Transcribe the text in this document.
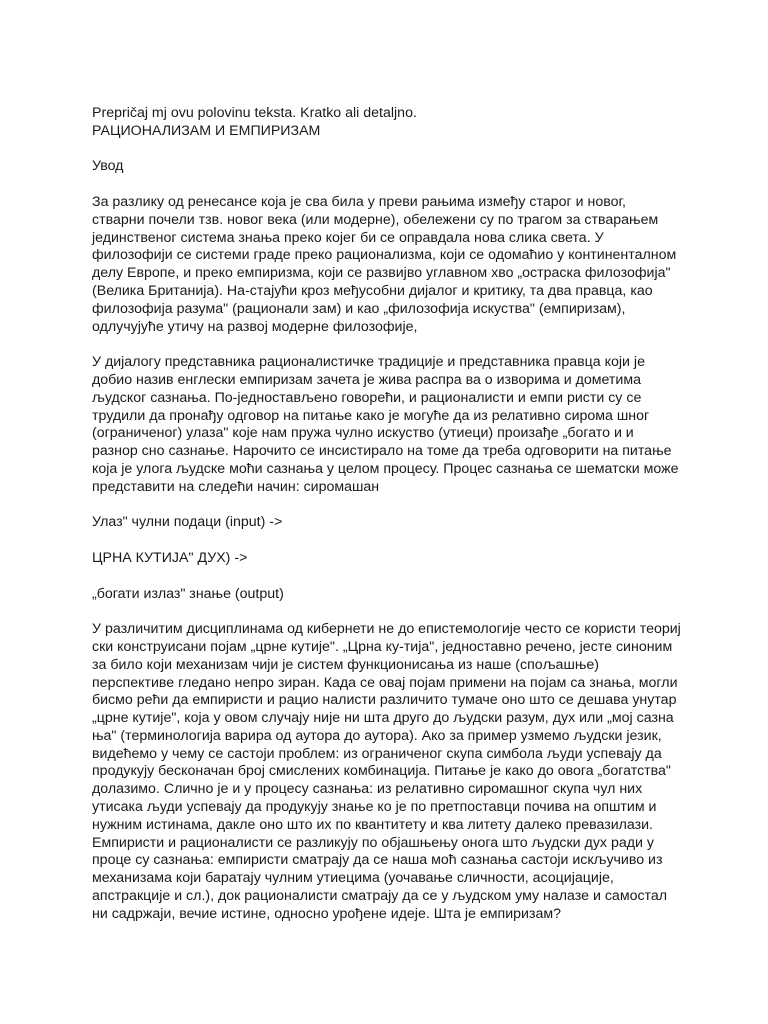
Prepričaj mj ovu polovinu teksta. Kratko ali detaljno.

РАЦИОНАЛИЗАМ И ЕМПИРИЗАМ

Увод

За разлику од ренесансе која је сва била у преви рањима између старог и новог, стварни почели тзв. новог века (или модерне), обележени су по трагом за стварањем јединственог система знања преко којег би се оправдала нова слика света. У филозофији се системи граде преко рационализма, који се одомаћио у континенталном делу Европе, и преко емпиризма, који се развијво углавном хво „остраска филозофија" (Велика Британија). На-стајући кроз међусобни дијалог и критику, та два правца, као филозофија разума" (рационали зам) и као „филозофија искуства" (емпиризам), одлучујуће утичу на развој модерне филозофије,

У дијалогу представника рационалистичке традиције и представника правца који је добио назив енглески емпиризам зачета је жива распра ва о изворима и дометима људског сазнања. По-једностављено говорећи, и рационалисти и емпи ристи су се трудили да пронађу одговор на питање како је могуће да из релативно сирома шног (ограниченог) улаза" које нам пружа чулно искуство (утиеци) произађе „богато и и разнор сно сазнање. Нарочито се инсистирало на томе да треба одговорити на питање која је улога људске моћи сазнања у целом процесу. Процес сазнања се шематски може представити на следећи начин: сиромашан

Улаз" чулни подаци (input) ->

ЦРНА КУТИЈА" ДУХ) ->

„богати излаз" знање (output)

У различитим дисциплинама од кибернети не до епистемологије често се користи теориј ски конструисани појам „црне кутије". „Црна ку-тија", једноставно речено, јесте синоним за било који механизам чији је систем функционисања из наше (спољашње) перспективе гледано непро зиран. Када се овај појам примени на појам са знања, могли бисмо рећи да емпиристи и рацио налисти различито тумаче оно што се дешава унутар „црне кутије", која у овом случају није ни шта друго до људски разум, дух или „мој сазна ња" (терминологија варира од аутора до аутора). Ако за пример узмемо људски језик, видећемо у чему се састоји проблем: из ограниченог скупа симбола људи успевају да продукују бесконачан број смислених комбинација. Питање је како до овога „богатства" долазимо. Слично је и у процесу сазнања: из релативно сиромашног скупа чул них утисака људи успевају да продукују знање ко је по претпоставци почива на општим и нужним истинама, дакле оно што их по квантитету и ква литету далеко превазилази.

Емпиристи и рационалисти се разликују по објашњењу онога што људски дух ради у проце су сазнања: емпиристи сматрају да се наша моћ сазнања састоји искључиво из механизама који баратају чулним утиецима (уочавање сличности, асоцијације, апстракције и сл.), док рационалисти сматрају да се у људском уму налазе и самостал ни садржаји, вечие истине, односно урођене идеје. Шта је емпиризам?
